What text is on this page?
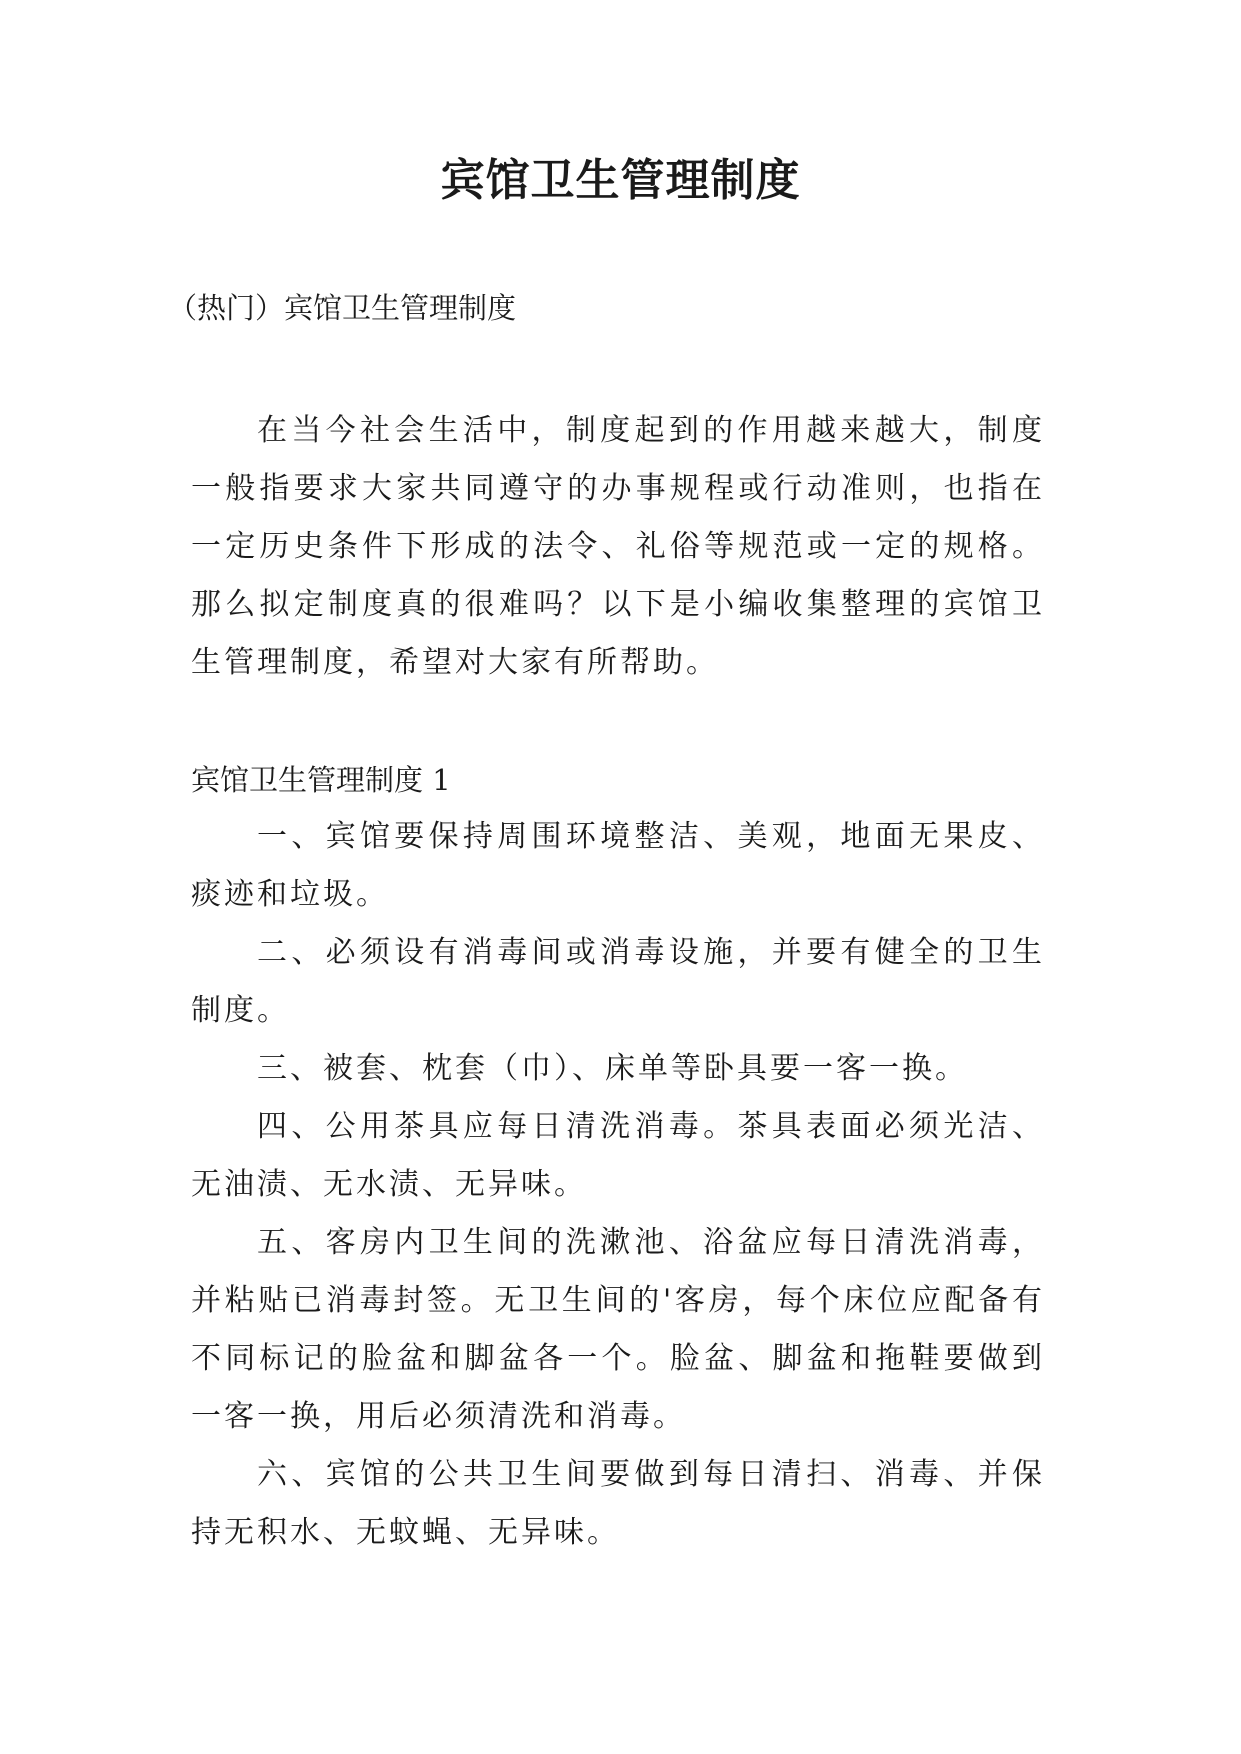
宾馆卫生管理制度

（热门）宾馆卫生管理制度

在当今社会生活中，制度起到的作用越来越大，制度一般指要求大家共同遵守的办事规程或行动准则，也指在一定历史条件下形成的法令、礼俗等规范或一定的规格。那么拟定制度真的很难吗？以下是小编收集整理的宾馆卫生管理制度，希望对大家有所帮助。

宾馆卫生管理制度 1

一、宾馆要保持周围环境整洁、美观，地面无果皮、痰迹和垃圾。

二、必须设有消毒间或消毒设施，并要有健全的卫生制度。

三、被套、枕套（巾）、床单等卧具要一客一换。

四、公用茶具应每日清洗消毒。茶具表面必须光洁、无油渍、无水渍、无异味。

五、客房内卫生间的洗漱池、浴盆应每日清洗消毒，并粘贴已消毒封签。无卫生间的'客房，每个床位应配备有不同标记的脸盆和脚盆各一个。脸盆、脚盆和拖鞋要做到一客一换，用后必须清洗和消毒。

六、宾馆的公共卫生间要做到每日清扫、消毒、并保持无积水、无蚊蝇、无异味。
